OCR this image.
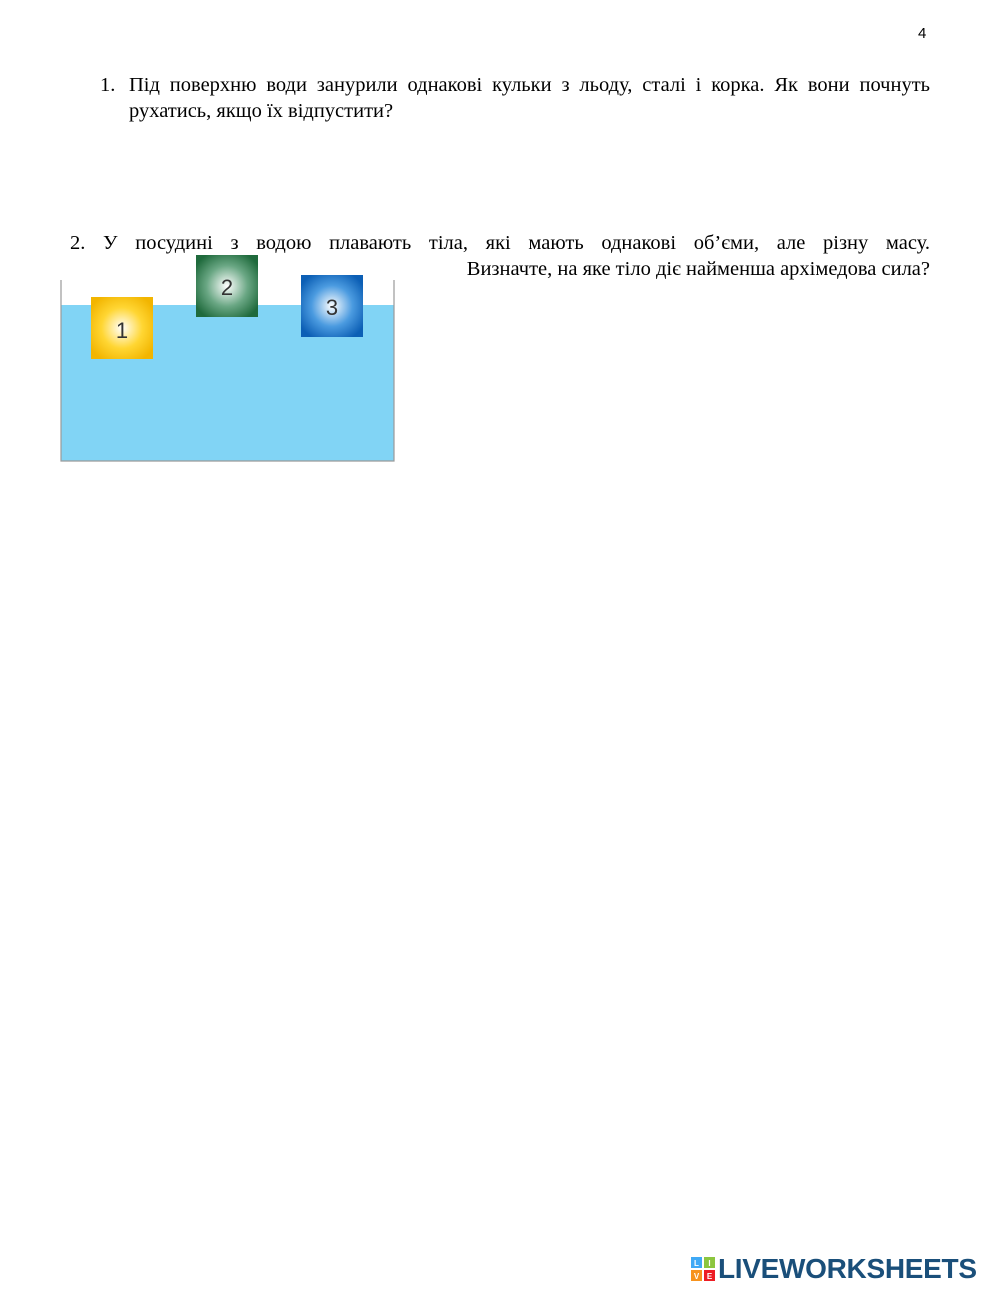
4
1. Під поверхню води занурили однакові кульки з льоду, сталі і корка. Як вони почнуть рухатись, якщо їх відпустити?
2. У посудині з водою плавають тіла, які мають однакові об’єми, але різну масу.
Визначте, на яке тіло діє найменша архімедова сила?
1
2
3
L I
V E LIVEWORKSHEETS
